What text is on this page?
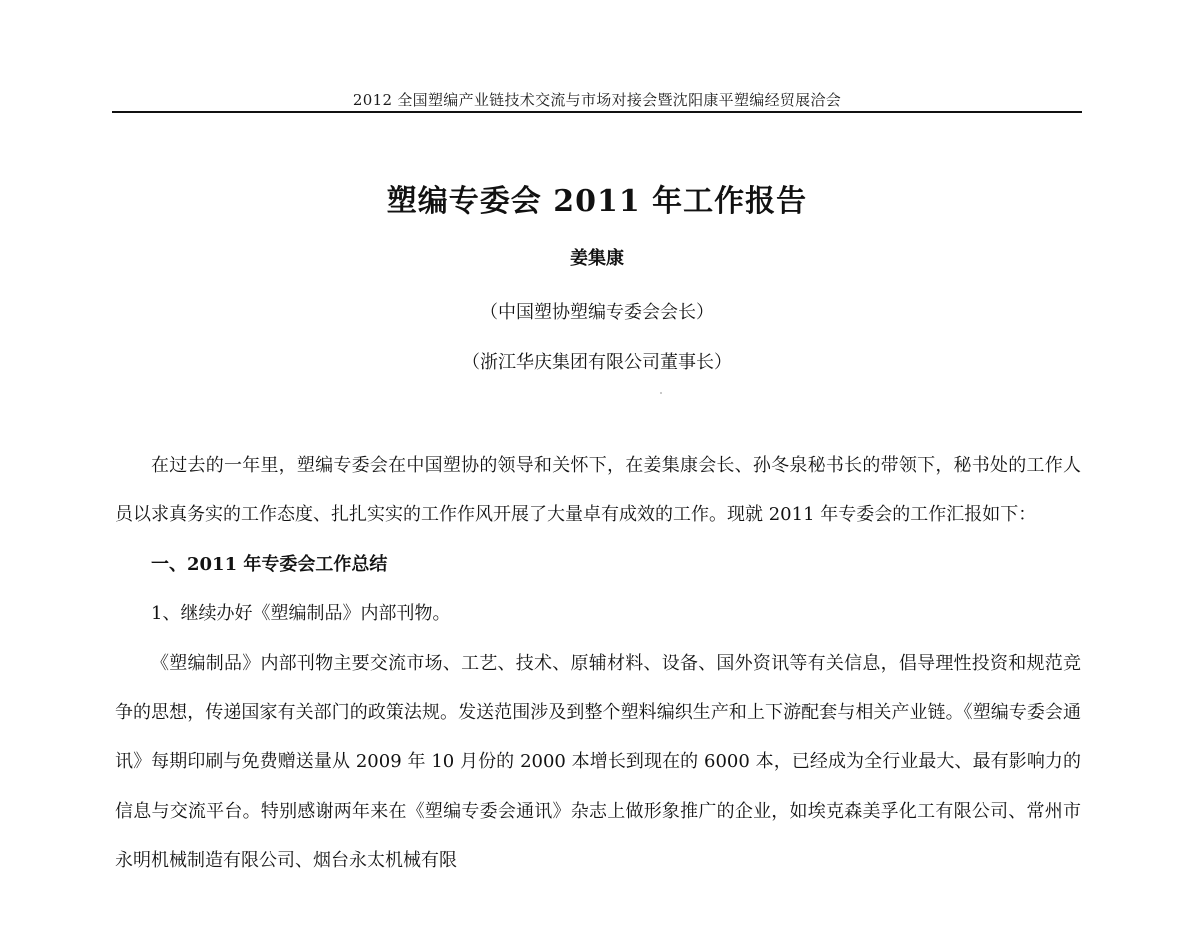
2012 全国塑编产业链技术交流与市场对接会暨沈阳康平塑编经贸展洽会
塑编专委会 2011 年工作报告
姜集康
（中国塑协塑编专委会会长）
（浙江华庆集团有限公司董事长）

在过去的一年里，塑编专委会在中国塑协的领导和关怀下，在姜集康会长、孙冬泉秘书长的带领下，秘书处的工作人员以求真务实的工作态度、扎扎实实的工作作风开展了大量卓有成效的工作。现就 2011 年专委会的工作汇报如下：

一、2011 年专委会工作总结

1、继续办好《塑编制品》内部刊物。

《塑编制品》内部刊物主要交流市场、工艺、技术、原辅材料、设备、国外资讯等有关信息，倡导理性投资和规范竞争的思想，传递国家有关部门的政策法规。发送范围涉及到整个塑料编织生产和上下游配套与相关产业链。《塑编专委会通讯》每期印刷与免费赠送量从 2009 年 10 月份的 2000 本增长到现在的 6000 本，已经成为全行业最大、最有影响力的信息与交流平台。特别感谢两年来在《塑编专委会通讯》杂志上做形象推广的企业，如埃克森美孚化工有限公司、常州市永明机械制造有限公司、烟台永太机械有限
